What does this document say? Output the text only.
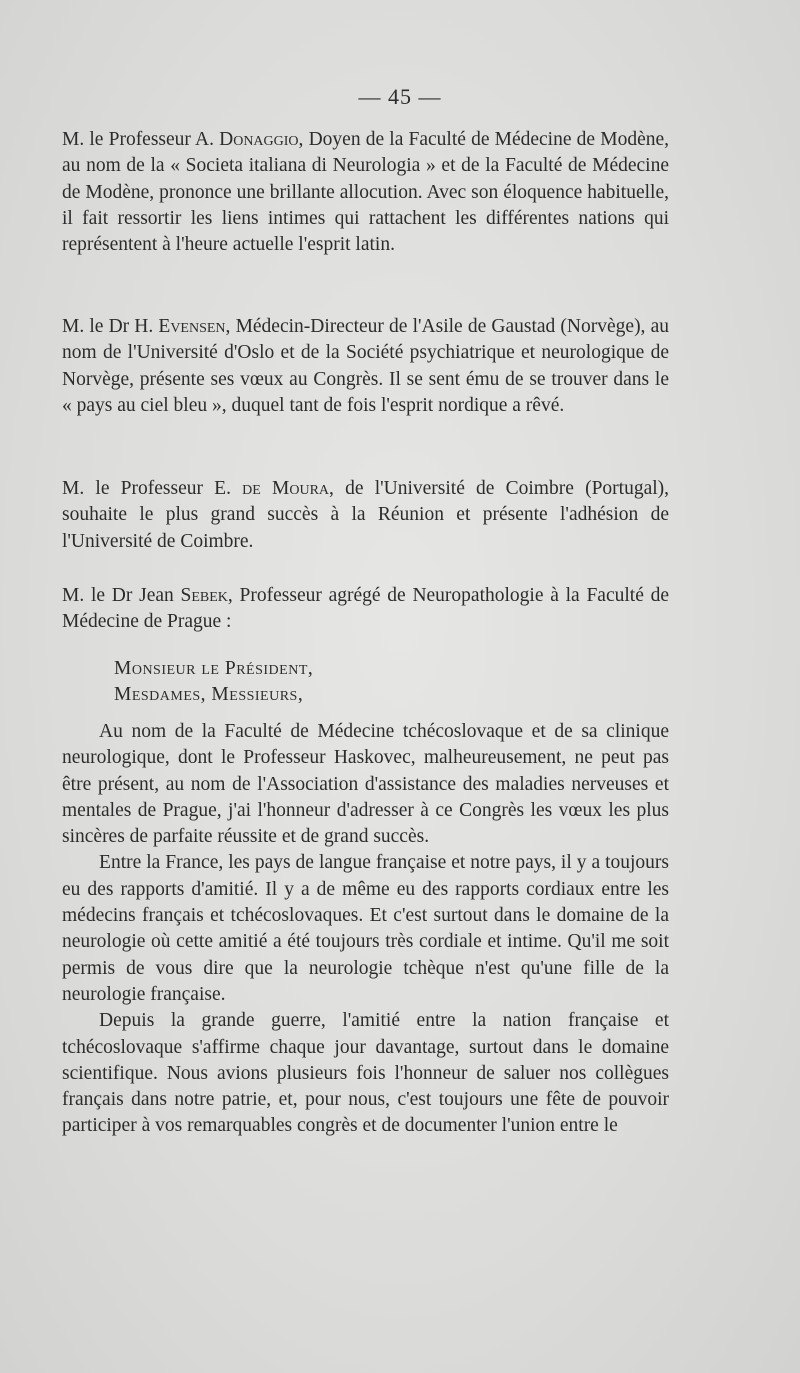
— 45 —

M. le Professeur A. Donaggio, Doyen de la Faculté de Médecine de Modène, au nom de la « Societa italiana di Neurologia » et de la Faculté de Médecine de Modène, prononce une brillante allocution. Avec son éloquence habituelle, il fait ressortir les liens intimes qui rattachent les différentes nations qui représentent à l'heure actuelle l'esprit latin.

M. le Dr H. Evensen, Médecin-Directeur de l'Asile de Gaustad (Norvège), au nom de l'Université d'Oslo et de la Société psychiatrique et neurologique de Norvège, présente ses vœux au Congrès. Il se sent ému de se trouver dans le « pays au ciel bleu », duquel tant de fois l'esprit nordique a rêvé.

M. le Professeur E. de Moura, de l'Université de Coimbre (Portugal), souhaite le plus grand succès à la Réunion et présente l'adhésion de l'Université de Coimbre.

M. le Dr Jean Sebek, Professeur agrégé de Neuropathologie à la Faculté de Médecine de Prague :

Monsieur le Président,
Mesdames, Messieurs,

Au nom de la Faculté de Médecine tchécoslovaque et de sa clinique neurologique, dont le Professeur Haskovec, malheureusement, ne peut pas être présent, au nom de l'Association d'assistance des maladies nerveuses et mentales de Prague, j'ai l'honneur d'adresser à ce Congrès les vœux les plus sincères de parfaite réussite et de grand succès.

Entre la France, les pays de langue française et notre pays, il y a toujours eu des rapports d'amitié. Il y a de même eu des rapports cordiaux entre les médecins français et tchécoslovaques. Et c'est surtout dans le domaine de la neurologie où cette amitié a été toujours très cordiale et intime. Qu'il me soit permis de vous dire que la neurologie tchèque n'est qu'une fille de la neurologie française.

Depuis la grande guerre, l'amitié entre la nation française et tchécoslovaque s'affirme chaque jour davantage, surtout dans le domaine scientifique. Nous avions plusieurs fois l'honneur de saluer nos collègues français dans notre patrie, et, pour nous, c'est toujours une fête de pouvoir participer à vos remarquables congrès et de documenter l'union entre le
